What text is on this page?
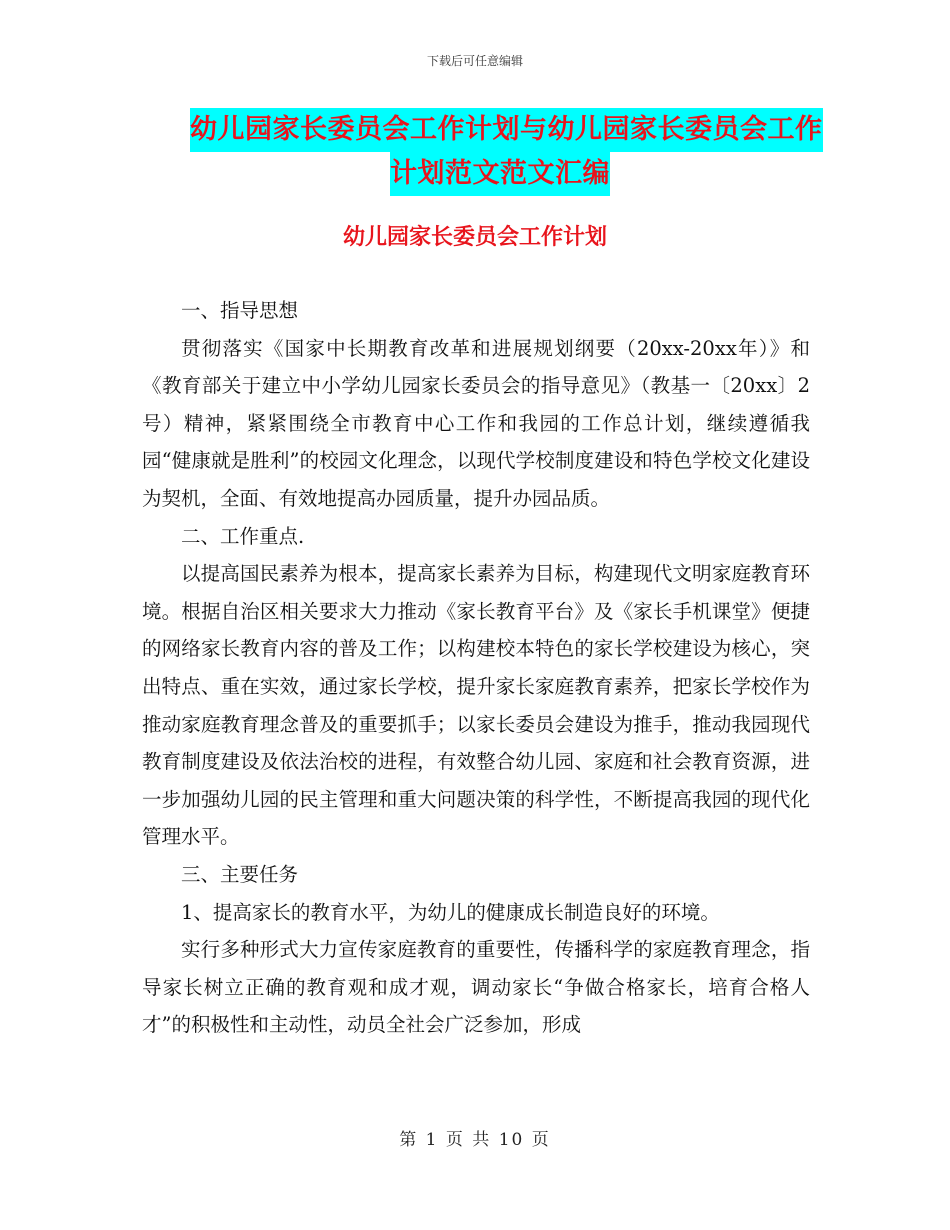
下载后可任意编辑
幼儿园家长委员会工作计划与幼儿园家长委员会工作
计划范文范文汇编
幼儿园家长委员会工作计划

一、指导思想

贯彻落实《国家中长期教育改革和进展规划纲要（20xx-20xx年）》和《教育部关于建立中小学幼儿园家长委员会的指导意见》（教基一〔20xx〕2号）精神，紧紧围绕全市教育中心工作和我园的工作总计划，继续遵循我园“健康就是胜利”的校园文化理念，以现代学校制度建设和特色学校文化建设为契机，全面、有效地提高办园质量，提升办园品质。

二、工作重点.

以提高国民素养为根本，提高家长素养为目标，构建现代文明家庭教育环境。根据自治区相关要求大力推动《家长教育平台》及《家长手机课堂》便捷的网络家长教育内容的普及工作；以构建校本特色的家长学校建设为核心，突出特点、重在实效，通过家长学校，提升家长家庭教育素养，把家长学校作为推动家庭教育理念普及的重要抓手；以家长委员会建设为推手，推动我园现代教育制度建设及依法治校的进程，有效整合幼儿园、家庭和社会教育资源，进一步加强幼儿园的民主管理和重大问题决策的科学性，不断提高我园的现代化管理水平。

三、主要任务

1、提高家长的教育水平，为幼儿的健康成长制造良好的环境。

实行多种形式大力宣传家庭教育的重要性，传播科学的家庭教育理念，指导家长树立正确的教育观和成才观，调动家长“争做合格家长，培育合格人才”的积极性和主动性，动员全社会广泛参加，形成

第 1 页 共 10 页
